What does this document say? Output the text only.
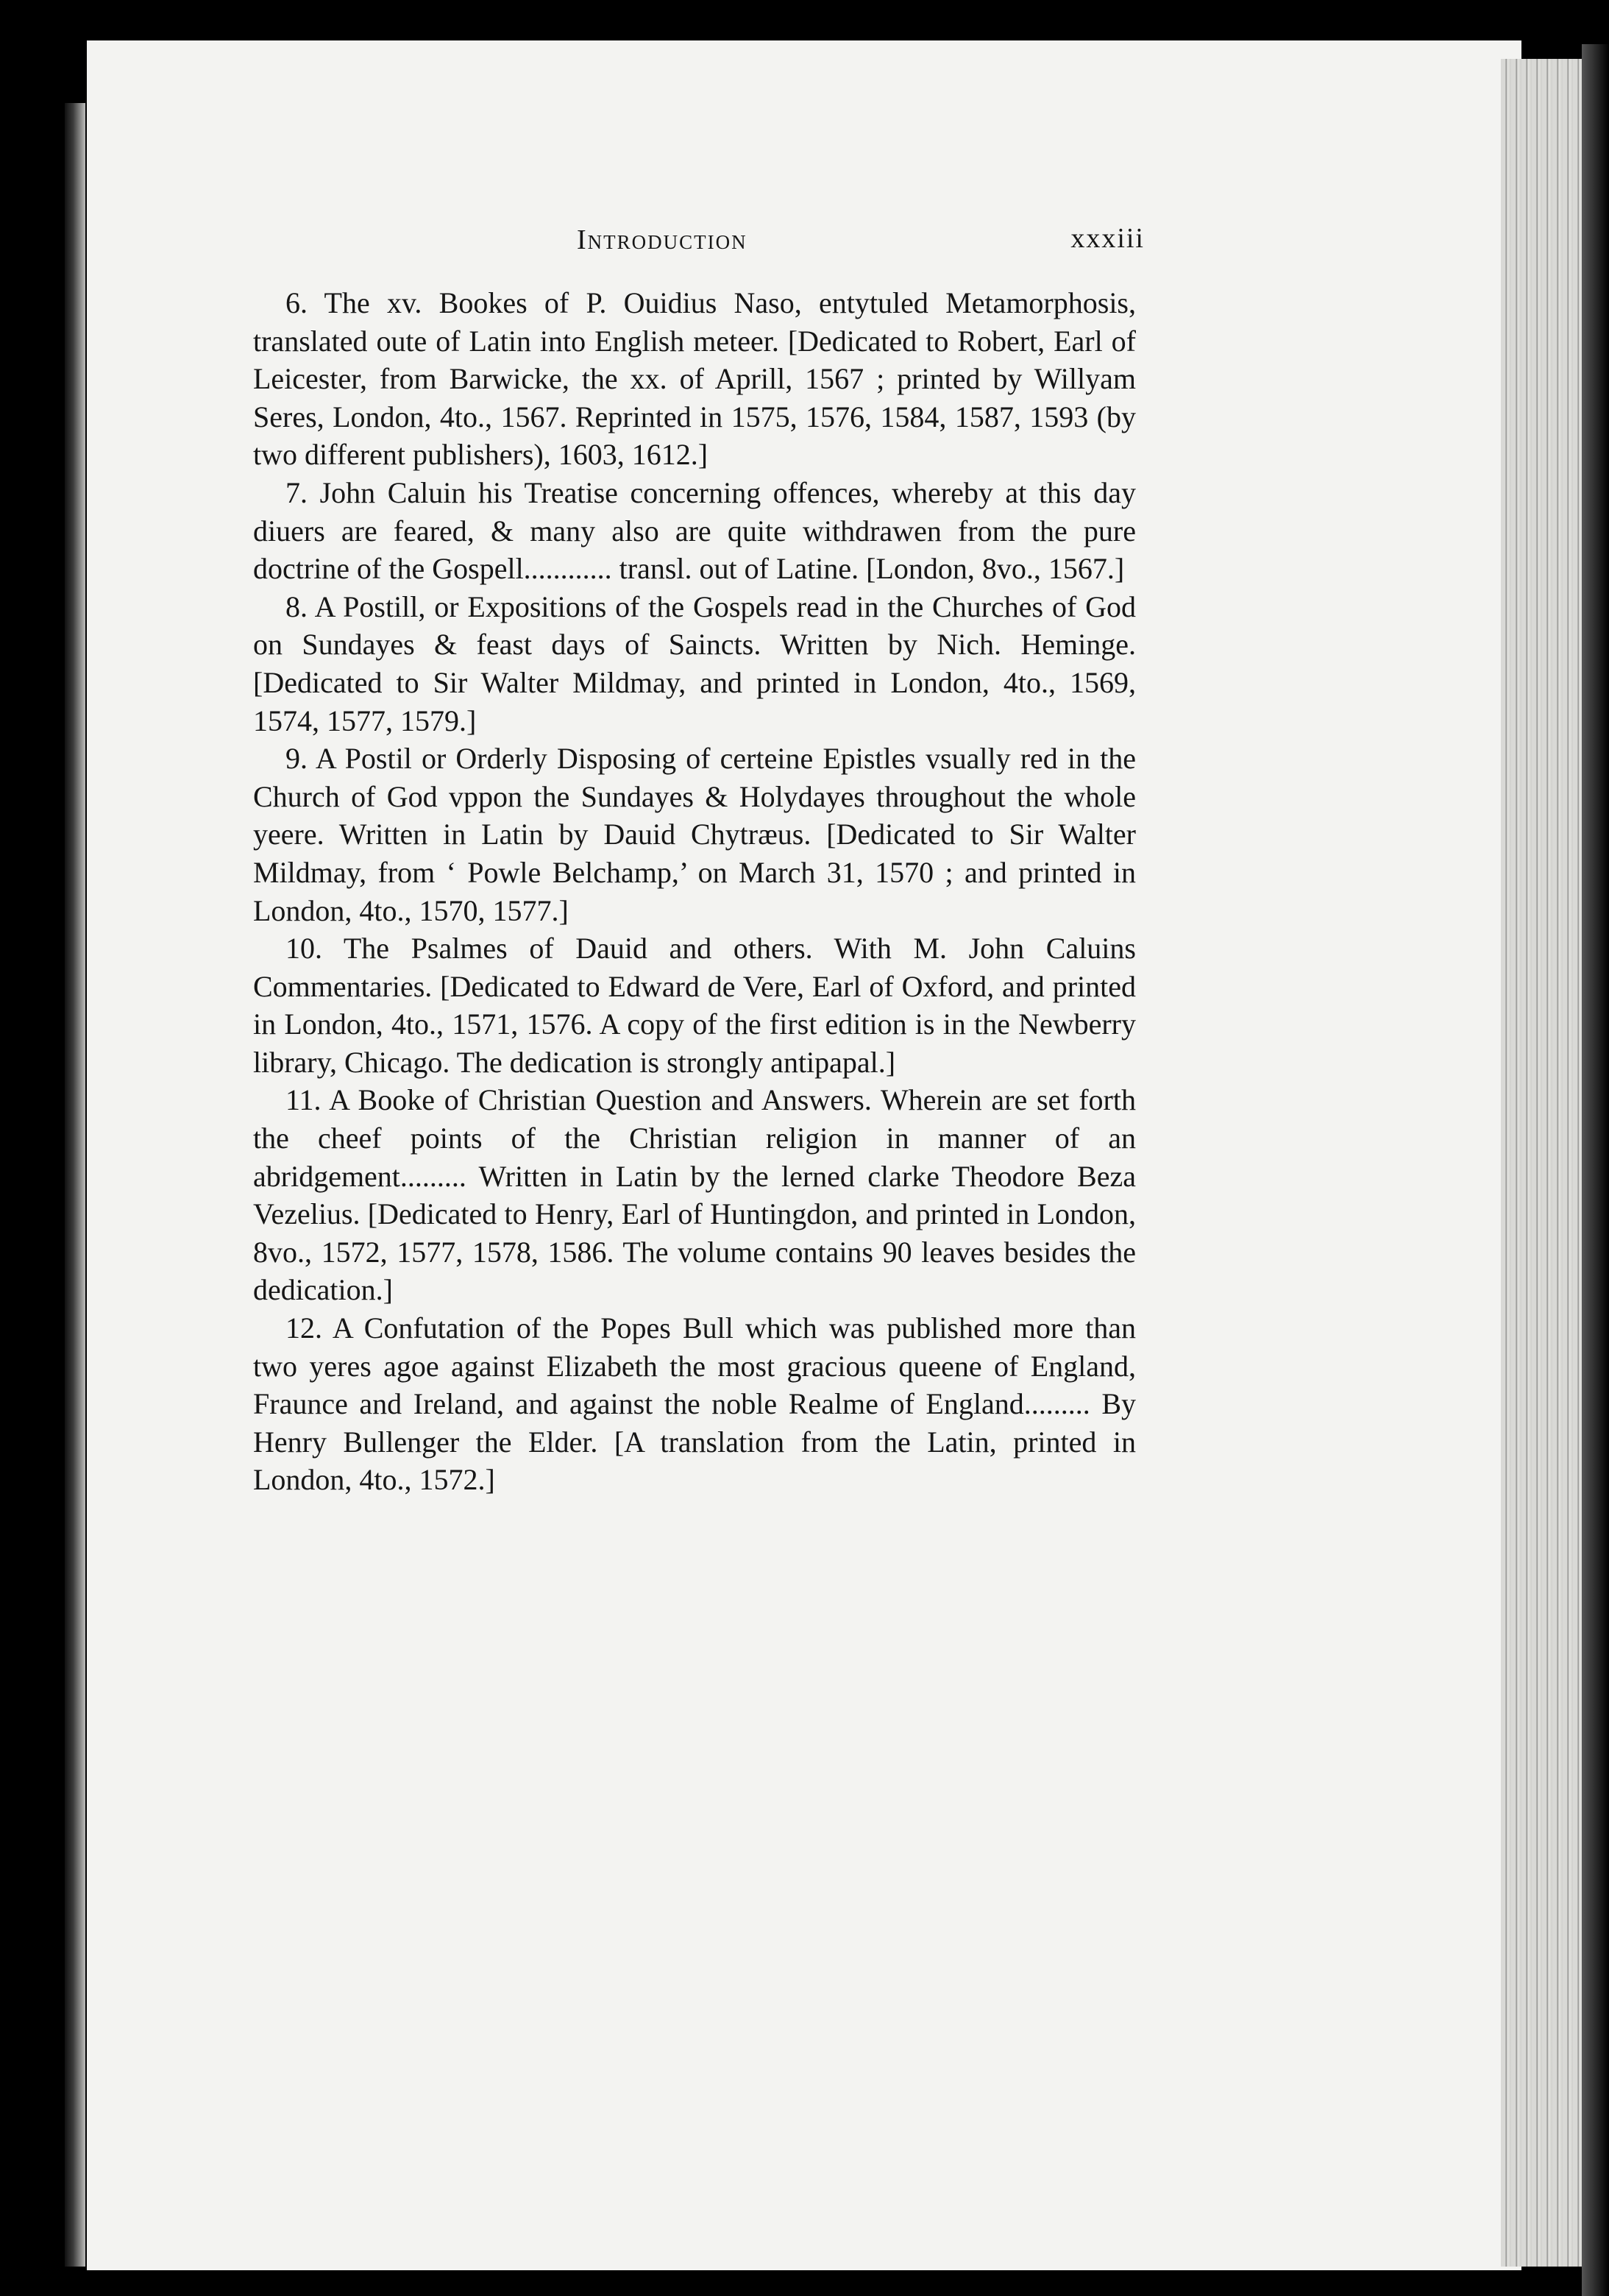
Introduction	xxxiii

6. The xv. Bookes of P. Ouidius Naso, entytuled Metamorphosis, translated oute of Latin into English meteer. [Dedicated to Robert, Earl of Leicester, from Barwicke, the xx. of Aprill, 1567 ; printed by Willyam Seres, London, 4to., 1567. Reprinted in 1575, 1576, 1584, 1587, 1593 (by two different publishers), 1603, 1612.]

7. John Caluin his Treatise concerning offences, whereby at this day diuers are feared, & many also are quite withdrawen from the pure doctrine of the Gospell............ transl. out of Latine. [London, 8vo., 1567.]

8. A Postill, or Expositions of the Gospels read in the Churches of God on Sundayes & feast days of Saincts. Written by Nich. Heminge. [Dedicated to Sir Walter Mildmay, and printed in London, 4to., 1569, 1574, 1577, 1579.]

9. A Postil or Orderly Disposing of certeine Epistles vsually red in the Church of God vppon the Sundayes & Holydayes throughout the whole yeere. Written in Latin by Dauid Chytræus. [Dedicated to Sir Walter Mildmay, from ‘ Powle Belchamp,’ on March 31, 1570 ; and printed in London, 4to., 1570, 1577.]

10. The Psalmes of Dauid and others. With M. John Caluins Commentaries. [Dedicated to Edward de Vere, Earl of Oxford, and printed in London, 4to., 1571, 1576. A copy of the first edition is in the Newberry library, Chicago. The dedication is strongly antipapal.]

11. A Booke of Christian Question and Answers. Wherein are set forth the cheef points of the Christian religion in manner of an abridgement......... Written in Latin by the lerned clarke Theodore Beza Vezelius. [Dedicated to Henry, Earl of Huntingdon, and printed in London, 8vo., 1572, 1577, 1578, 1586. The volume contains 90 leaves besides the dedication.]

12. A Confutation of the Popes Bull which was published more than two yeres agoe against Elizabeth the most gracious queene of England, Fraunce and Ireland, and against the noble Realme of England......... By Henry Bullenger the Elder. [A translation from the Latin, printed in London, 4to., 1572.]
